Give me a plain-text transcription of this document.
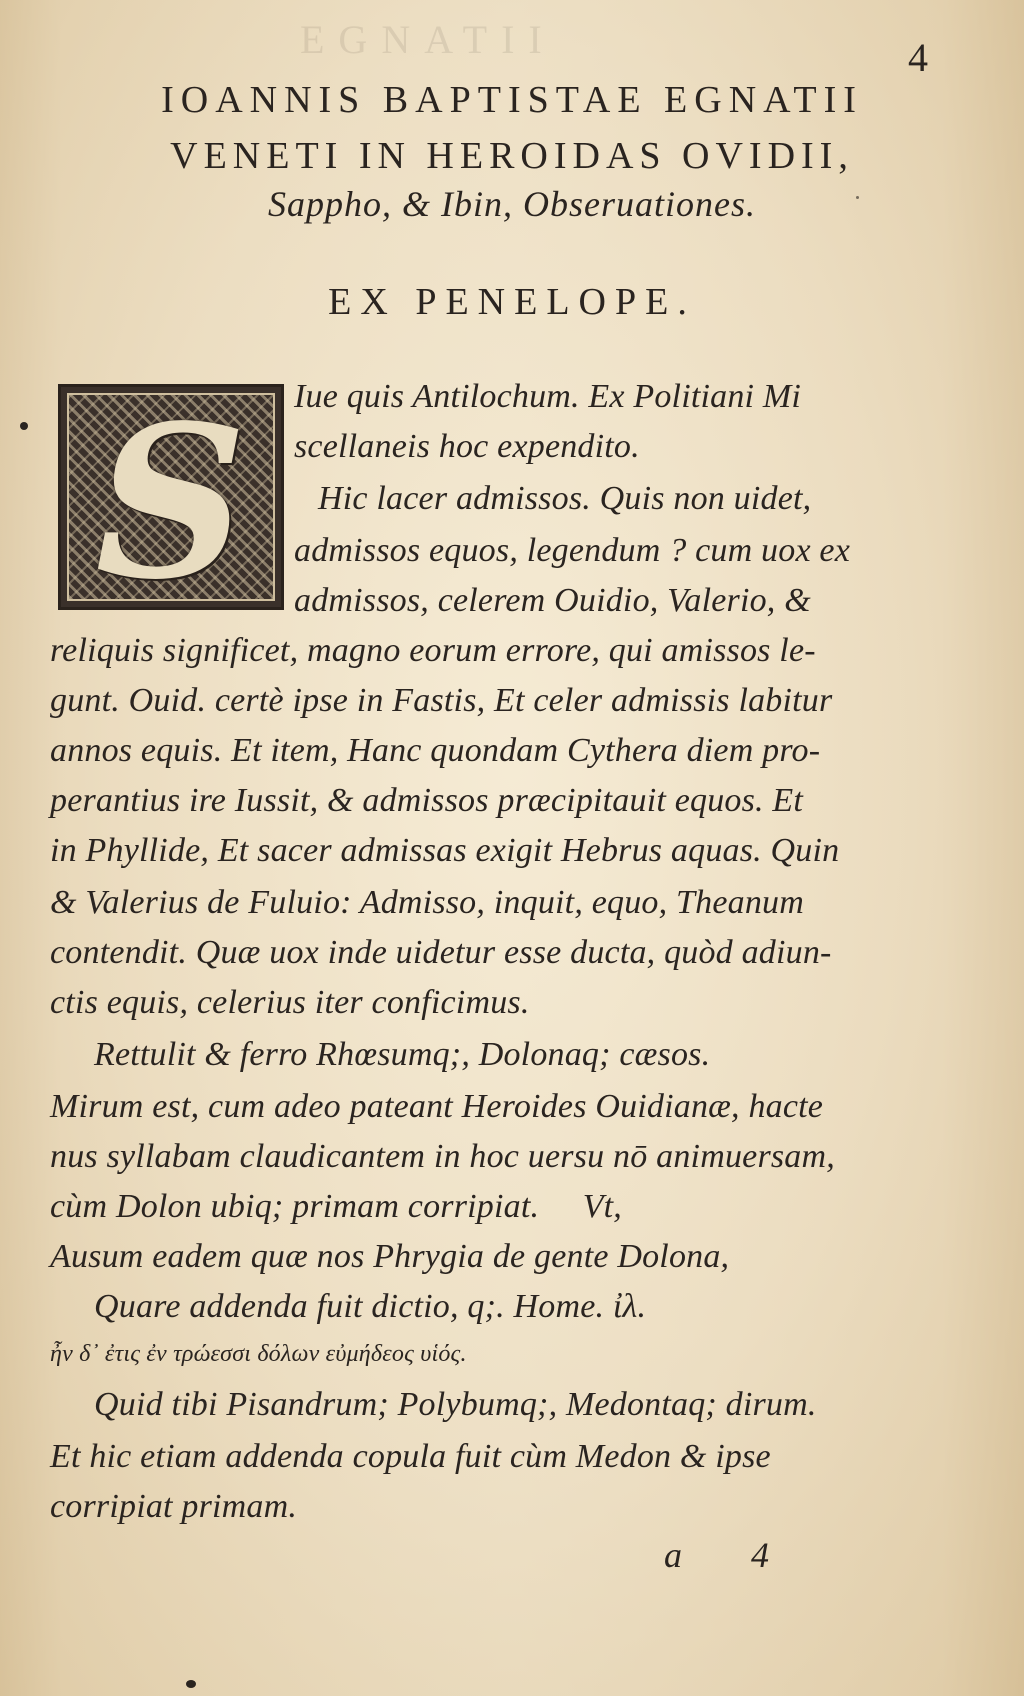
EGNATII	4
IOANNIS BAPTISTAE EGNATII
VENETI IN HEROIDAS OVIDII,
Sappho, & Ibin, Obseruationes.
EX PENELOPE.
S	Iue quis Antilochum. Ex Politiani Mi
scellaneis hoc expendito.
Hic lacer admissos. Quis non uidet,
admissos equos, legendum ? cum uox ex
admissos, celerem Ouidio, Valerio, &
reliquis significet, magno eorum errore, qui amissos le-
gunt. Ouid. certè ipse in Fastis, Et celer admissis labitur
annos equis. Et item, Hanc quondam Cythera diem pro-
perantius ire Iussit, & admissos præcipitauit equos. Et
in Phyllide, Et sacer admissas exigit Hebrus aquas. Quin
& Valerius de Fuluio: Admisso, inquit, equo, Theanum
contendit. Quæ uox inde uidetur esse ducta, quòd adiun-
ctis equis, celerius iter conficimus.
Rettulit & ferro Rhœsumq;, Dolonaq; cæsos.
Mirum est, cum adeo pateant Heroides Ouidianæ, hacte
nus syllabam claudicantem in hoc uersu nō animuersam,
cùm Dolon ubiq; primam corripiat.     Vt,
Ausum eadem quæ nos Phrygia de gente Dolona,
Quare addenda fuit dictio, q;. Home. ἰλ.
ἦν δ᾽ ἐτις ἐν τρώεσσι δόλων εὐμήδεος υἱός.
Quid tibi Pisandrum; Polybumq;, Medontaq; dirum.
Et hic etiam addenda copula fuit cùm Medon & ipse
corripiat primam.
a 4
